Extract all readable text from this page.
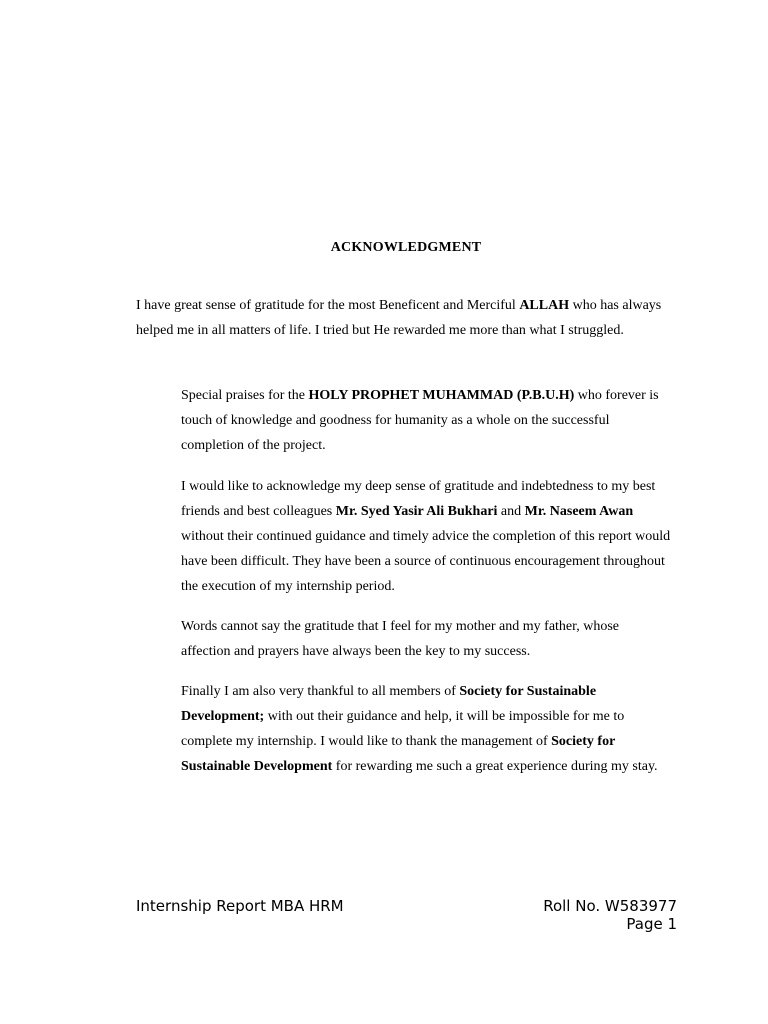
ACKNOWLEDGMENT

I have great sense of gratitude for the most Beneficent and Merciful ALLAH who has always helped me in all matters of life. I tried but He rewarded me more than what I struggled.

Special praises for the HOLY PROPHET MUHAMMAD (P.B.U.H) who forever is touch of knowledge and goodness for humanity as a whole on the successful completion of the project.

I would like to acknowledge my deep sense of gratitude and indebtedness to my best friends and best colleagues Mr. Syed Yasir Ali Bukhari and Mr. Naseem Awan without their continued guidance and timely advice the completion of this report would have been difficult. They have been a source of continuous encouragement throughout the execution of my internship period.

Words cannot say the gratitude that I feel for my mother and my father, whose affection and prayers have always been the key to my success.

Finally I am also very thankful to all members of Society for Sustainable Development; with out their guidance and help, it will be impossible for me to complete my internship. I would like to thank the management of Society for Sustainable Development for rewarding me such a great experience during my stay.

Internship Report MBA HRM	Roll No. W583977
Page 1
